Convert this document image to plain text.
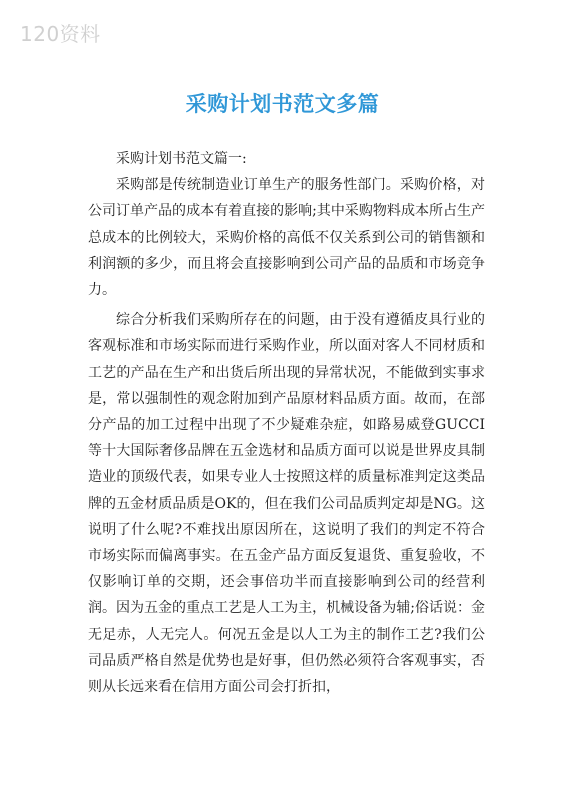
120资料
采购计划书范文多篇

采购计划书范文篇一:

采购部是传统制造业订单生产的服务性部门。采购价格，对公司订单产品的成本有着直接的影响;其中采购物料成本所占生产总成本的比例较大，采购价格的高低不仅关系到公司的销售额和利润额的多少，而且将会直接影响到公司产品的品质和市场竞争力。

综合分析我们采购所存在的问题，由于没有遵循皮具行业的客观标准和市场实际而进行采购作业，所以面对客人不同材质和工艺的产品在生产和出货后所出现的异常状况，不能做到实事求是，常以强制性的观念附加到产品原材料品质方面。故而，在部分产品的加工过程中出现了不少疑难杂症，如路易威登GUCCI等十大国际奢侈品牌在五金选材和品质方面可以说是世界皮具制造业的顶级代表，如果专业人士按照这样的质量标准判定这类品牌的五金材质品质是OK的，但在我们公司品质判定却是NG。这说明了什么呢?不难找出原因所在，这说明了我们的判定不符合市场实际而偏离事实。在五金产品方面反复退货、重复验收，不仅影响订单的交期，还会事倍功半而直接影响到公司的经营利润。因为五金的重点工艺是人工为主，机械设备为辅;俗话说：金无足赤，人无完人。何况五金是以人工为主的制作工艺?我们公司品质严格自然是优势也是好事，但仍然必须符合客观事实，否则从长远来看在信用方面公司会打折扣，
